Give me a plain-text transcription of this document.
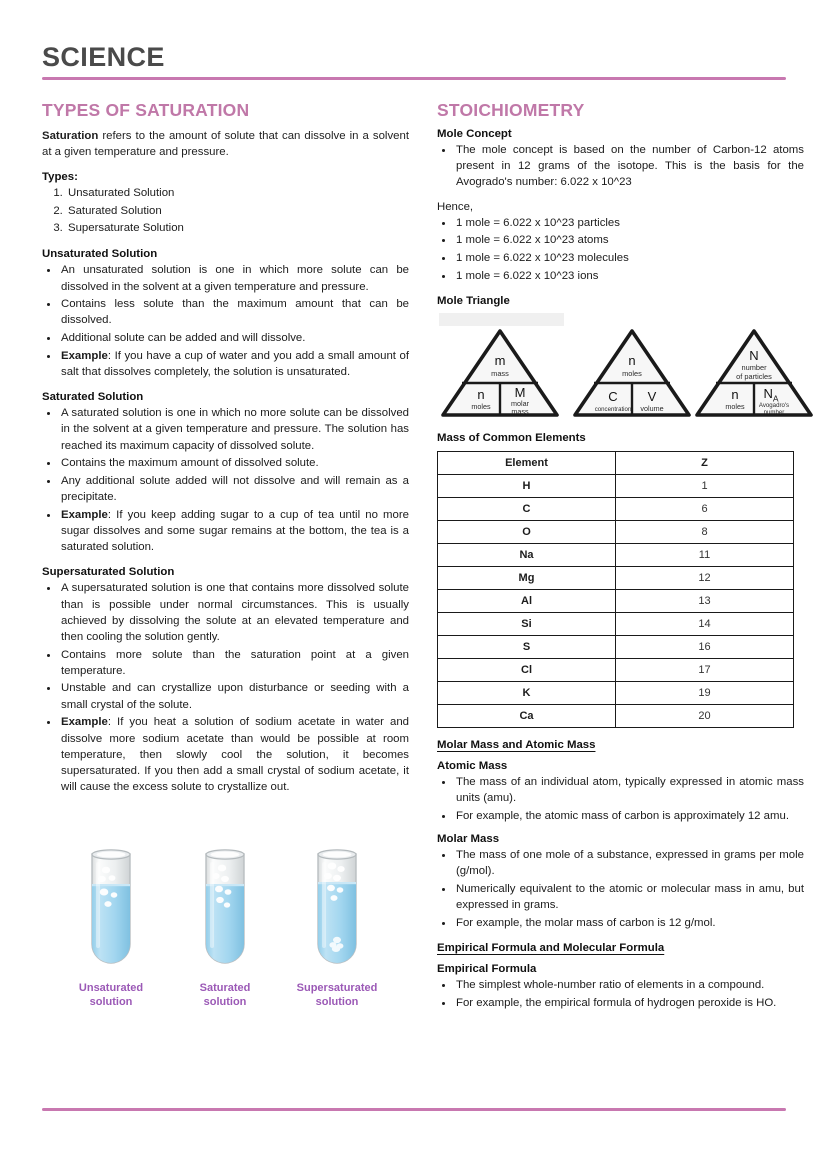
SCIENCE
TYPES OF SATURATION

Saturation refers to the amount of solute that can dissolve in a solvent at a given temperature and pressure.

Types:
1. Unsaturated Solution
2. Saturated Solution
3. Supersaturate Solution
Unsaturated Solution
• An unsaturated solution is one in which more solute can be dissolved in the solvent at a given temperature and pressure.
• Contains less solute than the maximum amount that can be dissolved.
• Additional solute can be added and will dissolve.
• Example: If you have a cup of water and you add a small amount of salt that dissolves completely, the solution is unsaturated.
Saturated Solution
• A saturated solution is one in which no more solute can be dissolved in the solvent at a given temperature and pressure. The solution has reached its maximum capacity of dissolved solute.
• Contains the maximum amount of dissolved solute.
• Any additional solute added will not dissolve and will remain as a precipitate.
• Example: If you keep adding sugar to a cup of tea until no more sugar dissolves and some sugar remains at the bottom, the tea is a saturated solution.
Supersaturated Solution
• A supersaturated solution is one that contains more dissolved solute than is possible under normal circumstances. This is usually achieved by dissolving the solute at an elevated temperature and then cooling the solution gently.
• Contains more solute than the saturation point at a given temperature.
• Unstable and can crystallize upon disturbance or seeding with a small crystal of the solute.
• Example: If you heat a solution of sodium acetate in water and dissolve more sodium acetate than would be possible at room temperature, then slowly cool the solution, it becomes supersaturated. If you then add a small crystal of sodium acetate, it will cause the excess solute to crystallize out.
Unsaturated
solution
Saturated
solution
Supersaturated
solution
STOICHIOMETRY
Mole Concept
• The mole concept is based on the number of Carbon-12 atoms present in 12 grams of the isotope. This is the basis for the Avogrado's number: 6.022 x 10^23
Hence,
• 1 mole = 6.022 x 10^23 particles
• 1 mole = 6.022 x 10^23 atoms
• 1 mole = 6.022 x 10^23 molecules
• 1 mole = 6.022 x 10^23 ions
Mole Triangle
m
mass
n
moles
M
molar
mass
n
moles
C
concentration
V
volume
N
number
of particles
n
moles
$N_A$
Avogadro's
number
Mass of Common Elements
Element	Z
H	1
C	6
O	8
Na	11
Mg	12
Al	13
Si	14
S	16
Cl	17
K	19
Ca	20
Molar Mass and Atomic Mass
Atomic Mass
• The mass of an individual atom, typically expressed in atomic mass units (amu).
• For example, the atomic mass of carbon is approximately 12 amu.
Molar Mass
• The mass of one mole of a substance, expressed in grams per mole (g/mol).
• Numerically equivalent to the atomic or molecular mass in amu, but expressed in grams.
• For example, the molar mass of carbon is 12 g/mol.
Empirical Formula and Molecular Formula
Empirical Formula
• The simplest whole-number ratio of elements in a compound.
• For example, the empirical formula of hydrogen peroxide is HO.
